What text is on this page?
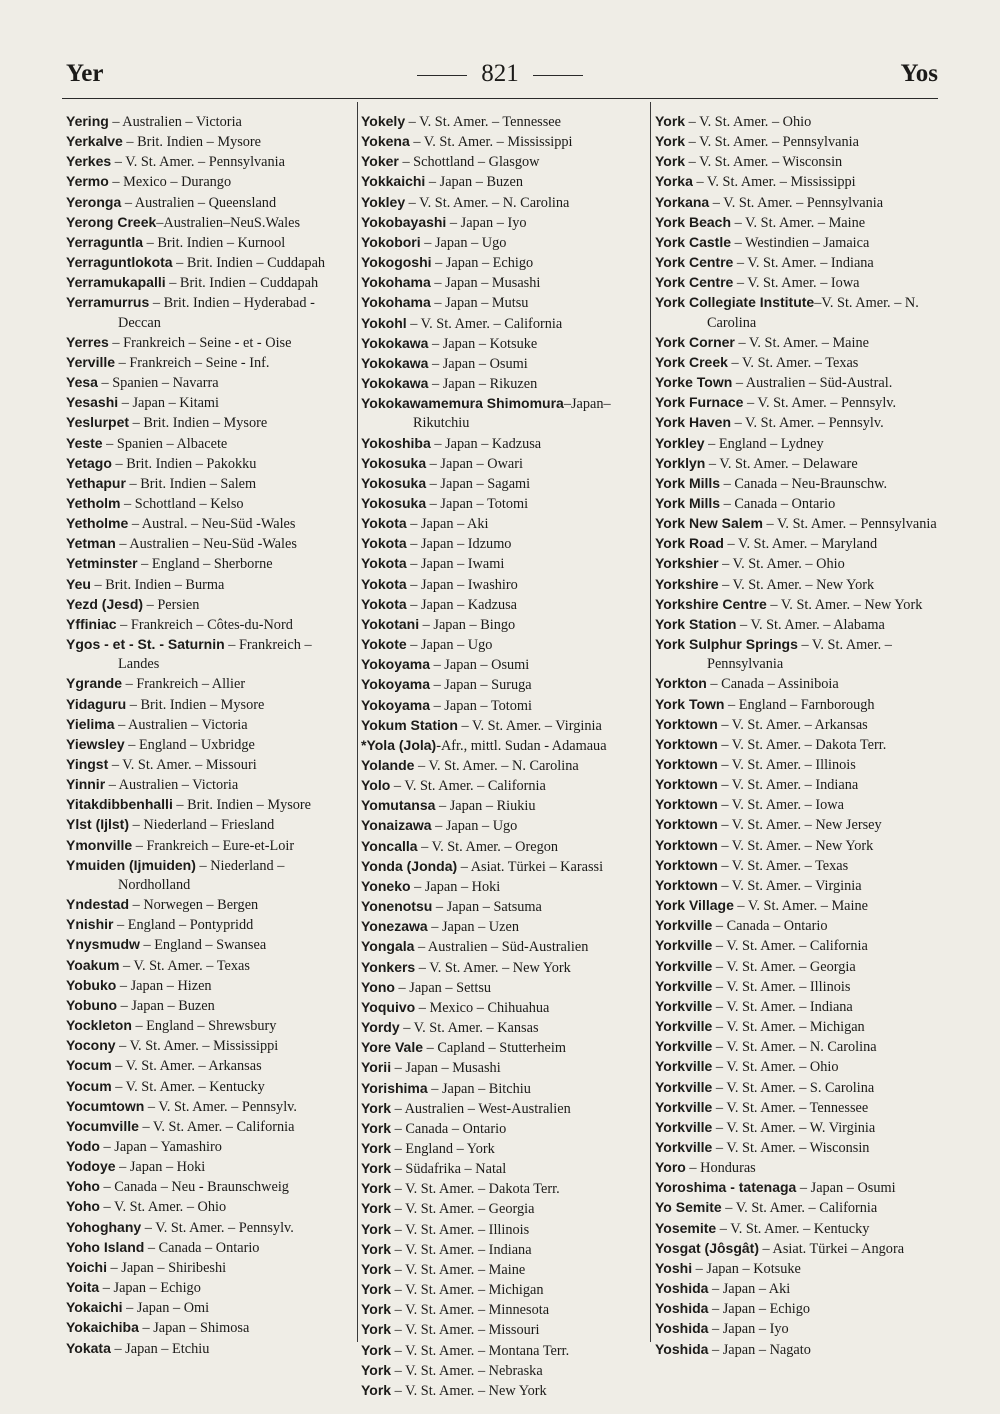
Yer	821	Yos
Yering – Australien – Victoria
Yerkalve – Brit. Indien – Mysore
Yerkes – V. St. Amer. – Pennsylvania
Yermo – Mexico – Durango
Yeronga – Australien – Queensland
Yerong Creek–Australien–NeuS.Wales
Yerraguntla – Brit. Indien – Kurnool
Yerraguntlokota – Brit. Indien – Cuddapah
Yerramukapalli – Brit. Indien – Cuddapah
Yerramurrus – Brit. Indien – Hyderabad - Deccan
Yerres – Frankreich – Seine - et - Oise
Yerville – Frankreich – Seine - Inf.
Yesa – Spanien – Navarra
Yesashi – Japan – Kitami
Yeslurpet – Brit. Indien – Mysore
Yeste – Spanien – Albacete
Yetago – Brit. Indien – Pakokku
Yethapur – Brit. Indien – Salem
Yetholm – Schottland – Kelso
Yetholme – Austral. – Neu-Süd -Wales
Yetman – Australien – Neu-Süd -Wales
Yetminster – England – Sherborne
Yeu – Brit. Indien – Burma
Yezd (Jesd) – Persien
Yffiniac – Frankreich – Côtes-du-Nord
Ygos - et - St. - Saturnin – Frankreich – Landes
Ygrande – Frankreich – Allier
Yidaguru – Brit. Indien – Mysore
Yielima – Australien – Victoria
Yiewsley – England – Uxbridge
Yingst – V. St. Amer. – Missouri
Yinnir – Australien – Victoria
Yitakdibbenhalli – Brit. Indien – Mysore
Ylst (Ijlst) – Niederland – Friesland
Ymonville – Frankreich – Eure-et-Loir
Ymuiden (Ijmuiden) – Niederland – Nordholland
Yndestad – Norwegen – Bergen
Ynishir – England – Pontypridd
Ynysmudw – England – Swansea
Yoakum – V. St. Amer. – Texas
Yobuko – Japan – Hizen
Yobuno – Japan – Buzen
Yockleton – England – Shrewsbury
Yocony – V. St. Amer. – Mississippi
Yocum – V. St. Amer. – Arkansas
Yocum – V. St. Amer. – Kentucky
Yocumtown – V. St. Amer. – Pennsylv.
Yocumville – V. St. Amer. – California
Yodo – Japan – Yamashiro
Yodoye – Japan – Hoki
Yoho – Canada – Neu - Braunschweig
Yoho – V. St. Amer. – Ohio
Yohoghany – V. St. Amer. – Pennsylv.
Yoho Island – Canada – Ontario
Yoichi – Japan – Shiribeshi
Yoita – Japan – Echigo
Yokaichi – Japan – Omi
Yokaichiba – Japan – Shimosa
Yokata – Japan – Etchiu
Yokely – V. St. Amer. – Tennessee
Yokena – V. St. Amer. – Mississippi
Yoker – Schottland – Glasgow
Yokkaichi – Japan – Buzen
Yokley – V. St. Amer. – N. Carolina
Yokobayashi – Japan – Iyo
Yokobori – Japan – Ugo
Yokogoshi – Japan – Echigo
Yokohama – Japan – Musashi
Yokohama – Japan – Mutsu
Yokohl – V. St. Amer. – California
Yokokawa – Japan – Kotsuke
Yokokawa – Japan – Osumi
Yokokawa – Japan – Rikuzen
Yokokawamemura Shimomura–Japan– Rikutchiu
Yokoshiba – Japan – Kadzusa
Yokosuka – Japan – Owari
Yokosuka – Japan – Sagami
Yokosuka – Japan – Totomi
Yokota – Japan – Aki
Yokota – Japan – Idzumo
Yokota – Japan – Iwami
Yokota – Japan – Iwashiro
Yokota – Japan – Kadzusa
Yokotani – Japan – Bingo
Yokote – Japan – Ugo
Yokoyama – Japan – Osumi
Yokoyama – Japan – Suruga
Yokoyama – Japan – Totomi
Yokum Station – V. St. Amer. – Virginia
*Yola (Jola)-Afr., mittl. Sudan - Adamaua
Yolande – V. St. Amer. – N. Carolina
Yolo – V. St. Amer. – California
Yomutansa – Japan – Riukiu
Yonaizawa – Japan – Ugo
Yoncalla – V. St. Amer. – Oregon
Yonda (Jonda) – Asiat. Türkei – Karassi
Yoneko – Japan – Hoki
Yonenotsu – Japan – Satsuma
Yonezawa – Japan – Uzen
Yongala – Australien – Süd-Australien
Yonkers – V. St. Amer. – New York
Yono – Japan – Settsu
Yoquivo – Mexico – Chihuahua
Yordy – V. St. Amer. – Kansas
Yore Vale – Capland – Stutterheim
Yorii – Japan – Musashi
Yorishima – Japan – Bitchiu
York – Australien – West-Australien
York – Canada – Ontario
York – England – York
York – Südafrika – Natal
York – V. St. Amer. – Dakota Terr.
York – V. St. Amer. – Georgia
York – V. St. Amer. – Illinois
York – V. St. Amer. – Indiana
York – V. St. Amer. – Maine
York – V. St. Amer. – Michigan
York – V. St. Amer. – Minnesota
York – V. St. Amer. – Missouri
York – V. St. Amer. – Montana Terr.
York – V. St. Amer. – Nebraska
York – V. St. Amer. – New York
York – V. St. Amer. – Ohio
York – V. St. Amer. – Pennsylvania
York – V. St. Amer. – Wisconsin
Yorka – V. St. Amer. – Mississippi
Yorkana – V. St. Amer. – Pennsylvania
York Beach – V. St. Amer. – Maine
York Castle – Westindien – Jamaica
York Centre – V. St. Amer. – Indiana
York Centre – V. St. Amer. – Iowa
York Collegiate Institute–V. St. Amer. – N. Carolina
York Corner – V. St. Amer. – Maine
York Creek – V. St. Amer. – Texas
Yorke Town – Australien – Süd-Austral.
York Furnace – V. St. Amer. – Pennsylv.
York Haven – V. St. Amer. – Pennsylv.
Yorkley – England – Lydney
Yorklyn – V. St. Amer. – Delaware
York Mills – Canada – Neu-Braunschw.
York Mills – Canada – Ontario
York New Salem – V. St. Amer. – Pennsylvania
York Road – V. St. Amer. – Maryland
Yorkshier – V. St. Amer. – Ohio
Yorkshire – V. St. Amer. – New York
Yorkshire Centre – V. St. Amer. – New York
York Station – V. St. Amer. – Alabama
York Sulphur Springs – V. St. Amer. – Pennsylvania
Yorkton – Canada – Assiniboia
York Town – England – Farnborough
Yorktown – V. St. Amer. – Arkansas
Yorktown – V. St. Amer. – Dakota Terr.
Yorktown – V. St. Amer. – Illinois
Yorktown – V. St. Amer. – Indiana
Yorktown – V. St. Amer. – Iowa
Yorktown – V. St. Amer. – New Jersey
Yorktown – V. St. Amer. – New York
Yorktown – V. St. Amer. – Texas
Yorktown – V. St. Amer. – Virginia
York Village – V. St. Amer. – Maine
Yorkville – Canada – Ontario
Yorkville – V. St. Amer. – California
Yorkville – V. St. Amer. – Georgia
Yorkville – V. St. Amer. – Illinois
Yorkville – V. St. Amer. – Indiana
Yorkville – V. St. Amer. – Michigan
Yorkville – V. St. Amer. – N. Carolina
Yorkville – V. St. Amer. – Ohio
Yorkville – V. St. Amer. – S. Carolina
Yorkville – V. St. Amer. – Tennessee
Yorkville – V. St. Amer. – W. Virginia
Yorkville – V. St. Amer. – Wisconsin
Yoro – Honduras
Yoroshima - tatenaga – Japan – Osumi
Yo Semite – V. St. Amer. – California
Yosemite – V. St. Amer. – Kentucky
Yosgat (Jôsgât) – Asiat. Türkei – Angora
Yoshi – Japan – Kotsuke
Yoshida – Japan – Aki
Yoshida – Japan – Echigo
Yoshida – Japan – Iyo
Yoshida – Japan – Nagato
